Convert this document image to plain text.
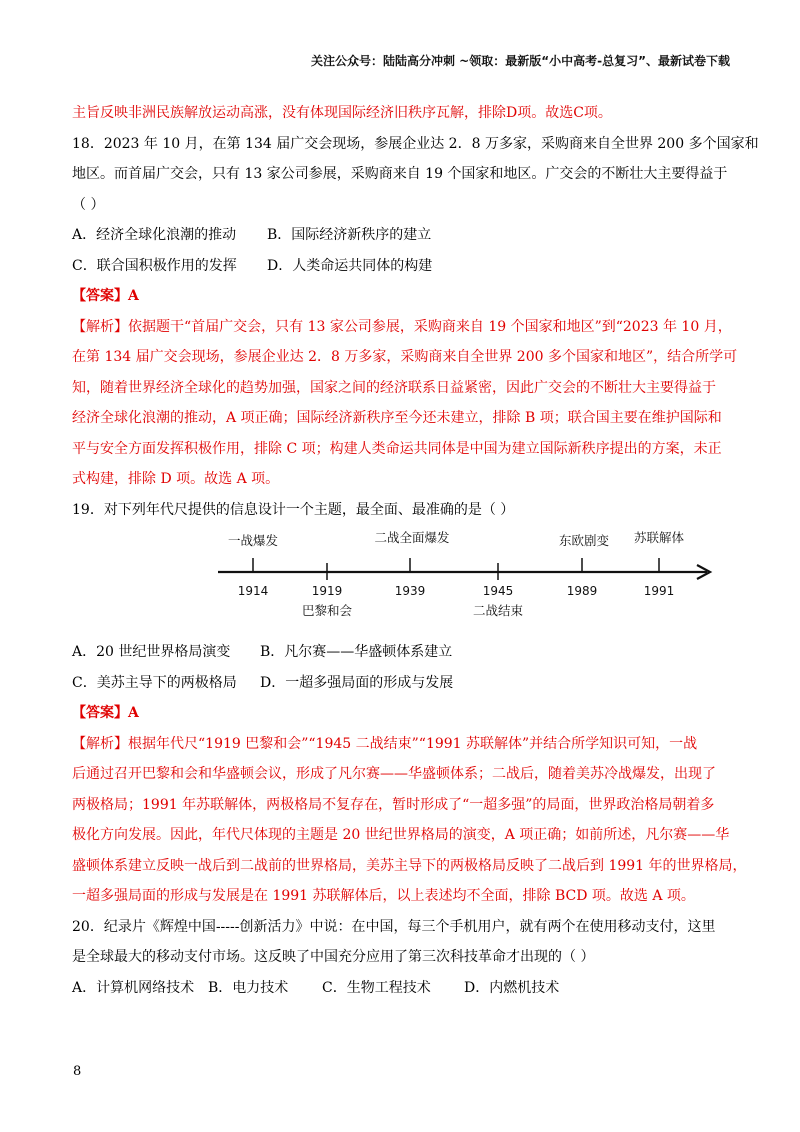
关注公众号：陆陆高分冲刺 ~领取：最新版“小中高考-总复习”、最新试卷下载
主旨反映非洲民族解放运动高涨，没有体现国际经济旧秩序瓦解，排除D项。故选C项。
18．2023 年 10 月，在第 134 届广交会现场，参展企业达 2．8 万多家，采购商来自全世界 200 多个国家和
地区。而首届广交会，只有 13 家公司参展，采购商来自 19 个国家和地区。广交会的不断壮大主要得益于
（ ）
A．经济全球化浪潮的推动	B．国际经济新秩序的建立
C．联合国积极作用的发挥	D．人类命运共同体的构建
【答案】A
【解析】依据题干“首届广交会，只有 13 家公司参展，采购商来自 19 个国家和地区”到“2023 年 10 月，
在第 134 届广交会现场，参展企业达 2．8 万多家，采购商来自全世界 200 多个国家和地区”，结合所学可
知，随着世界经济全球化的趋势加强，国家之间的经济联系日益紧密，因此广交会的不断壮大主要得益于
经济全球化浪潮的推动，A 项正确；国际经济新秩序至今还未建立，排除 B 项；联合国主要在维护国际和
平与安全方面发挥积极作用，排除 C 项；构建人类命运共同体是中国为建立国际新秩序提出的方案，未正
式构建，排除 D 项。故选 A 项。
19．对下列年代尺提供的信息设计一个主题，最全面、最准确的是（ ）
一战爆发	二战全面爆发	东欧剧变 苏联解体
1914	1919	1939	1945	1989	1991
巴黎和会	二战结束
A．20 世纪世界格局演变	B．凡尔赛——华盛顿体系建立
C．美苏主导下的两极格局	D．一超多强局面的形成与发展
【答案】A
【解析】根据年代尺“1919 巴黎和会”“1945 二战结束”“1991 苏联解体”并结合所学知识可知，一战
后通过召开巴黎和会和华盛顿会议，形成了凡尔赛——华盛顿体系；二战后，随着美苏冷战爆发，出现了
两极格局；1991 年苏联解体，两极格局不复存在，暂时形成了“一超多强”的局面，世界政治格局朝着多
极化方向发展。因此，年代尺体现的主题是 20 世纪世界格局的演变，A 项正确；如前所述，凡尔赛——华
盛顿体系建立反映一战后到二战前的世界格局，美苏主导下的两极格局反映了二战后到 1991 年的世界格局，
一超多强局面的形成与发展是在 1991 苏联解体后，以上表述均不全面，排除 BCD 项。故选 A 项。
20．纪录片《辉煌中国-----创新活力》中说：在中国，每三个手机用户，就有两个在使用移动支付，这里
是全球最大的移动支付市场。这反映了中国充分应用了第三次科技革命才出现的（ ）
A．计算机网络技术 B．电力技术	C．生物工程技术	D．内燃机技术
8
